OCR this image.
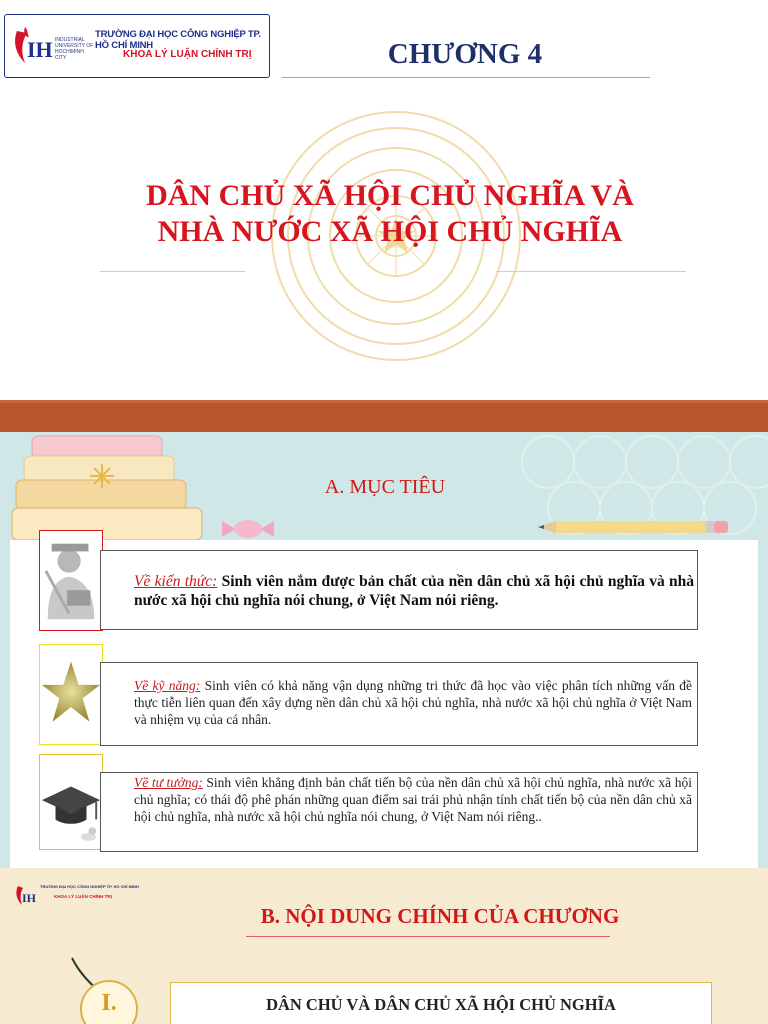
IH INDUSTRIAL UNIVERSITY OF HOCHIMINH CITY
TRƯỜNG ĐẠI HỌC CÔNG NGHIỆP TP. HỒ CHÍ MINH
KHOA LÝ LUẬN CHÍNH TRỊ	CHƯƠNG 4
DÂN CHỦ XÃ HỘI CHỦ NGHĨA VÀ
NHÀ NƯỚC XÃ HỘI CHỦ NGHĨA
A. MỤC TIÊU
Về kiến thức: Sinh viên nắm được bản chất của nền dân chủ xã hội chủ nghĩa và nhà nước xã hội chủ nghĩa nói chung, ở Việt Nam nói riêng.
Về kỹ năng: Sinh viên có khả năng vận dụng những tri thức đã học vào việc phân tích những vấn đề thực tiễn liên quan đến xây dựng nền dân chủ xã hội chủ nghĩa, nhà nước xã hội chủ nghĩa ở Việt Nam và nhiệm vụ của cá nhân.
Về tư tưởng: Sinh viên khẳng định bản chất tiến bộ của nền dân chủ xã hội chủ nghĩa, nhà nước xã hội chủ nghĩa; có thái độ phê phán những quan điểm sai trái phủ nhận tính chất tiến bộ của nền dân chủ xã hội chủ nghĩa, nhà nước xã hội chủ nghĩa nói chung, ở Việt Nam nói riêng..
IH
TRƯỜNG ĐẠI HỌC CÔNG NGHIỆP TP. HỒ CHÍ MINH
KHOA LÝ LUẬN CHÍNH TRỊ
B. NỘI DUNG CHÍNH CỦA CHƯƠNG
I.	DÂN CHỦ VÀ DÂN CHỦ XÃ HỘI CHỦ NGHĨA
